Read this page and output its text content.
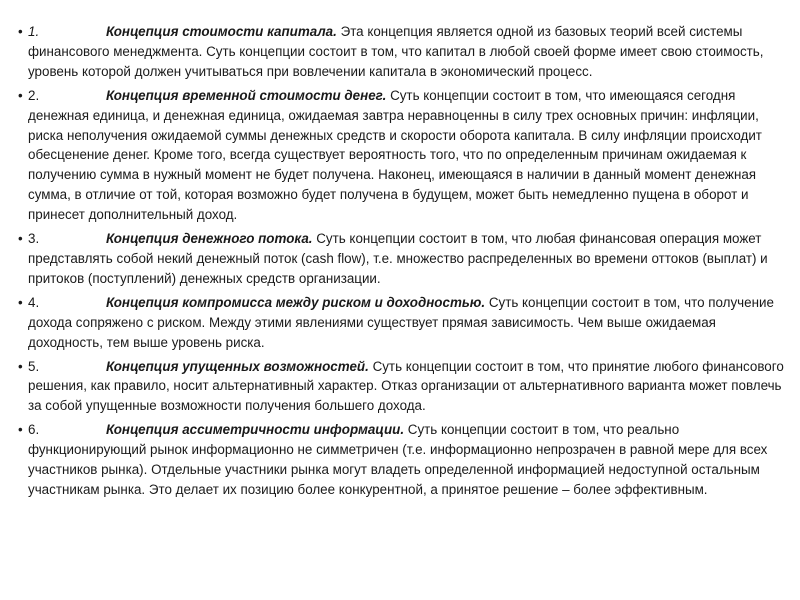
• 1.	Концепция стоимости капитала. Эта концепция является одной из базовых теорий всей системы финансового менеджмента. Суть концепции состоит в том, что капитал в любой своей форме имеет свою стоимость, уровень которой должен учитываться при вовлечении капитала в экономический процесс.

• 2.	Концепция временной стоимости денег. Суть концепции состоит в том, что имеющаяся сегодня денежная единица, и денежная единица, ожидаемая завтра неравноценны в силу трех основных причин: инфляции, риска неполучения ожидаемой суммы денежных средств и скорости оборота капитала. В силу инфляции происходит обесценение денег. Кроме того, всегда существует вероятность того, что по определенным причинам ожидаемая к получению сумма в нужный момент не будет получена. Наконец, имеющаяся в наличии в данный момент денежная сумма, в отличие от той, которая возможно будет получена в будущем, может быть немедленно пущена в оборот и принесет дополнительный доход.

• 3.	Концепция денежного потока. Суть концепции состоит в том, что любая финансовая операция может представлять собой некий денежный поток (cash flow), т.е. множество распределенных во времени оттоков (выплат) и притоков (поступлений) денежных средств организации.

• 4.	Концепция компромисса между риском и доходностью. Суть концепции состоит в том, что получение дохода сопряжено с риском. Между этими явлениями существует прямая зависимость. Чем выше ожидаемая доходность, тем выше уровень риска.

• 5.	Концепция упущенных возможностей. Суть концепции состоит в том, что принятие любого финансового решения, как правило, носит альтернативный характер. Отказ организации от альтернативного варианта может повлечь за собой упущенные возможности получения большего дохода.

• 6.	Концепция ассиметричности информации. Суть концепции состоит в том, что реально функционирующий рынок информационно не симметричен (т.е. информационно непрозрачен в равной мере для всех участников рынка). Отдельные участники рынка могут владеть определенной информацией недоступной остальным участникам рынка. Это делает их позицию более конкурентной, а принятое решение – более эффективным.
